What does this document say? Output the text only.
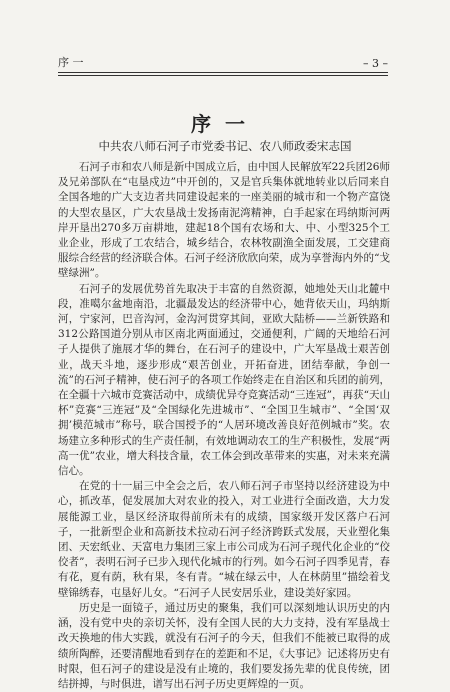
序 一	– 3 –
序一
中共农八师石河子市党委书记、农八师政委宋志国

石河子市和农八师是新中国成立后，由中国人民解放军22兵团26师及兄弟部队在“屯垦戍边”中开创的，又是官兵集体就地转业以后同来自全国各地的广大支边者共同建设起来的一座美丽的城市和一个物产富饶的大型农垦区，广大农垦战士发扬南泥湾精神，白手起家在玛纳斯河两岸开垦出270多万亩耕地，建起18个国有农场和大、中、小型325个工业企业，形成了工农结合，城乡结合，农林牧副渔全面发展，工交建商服综合经营的经济联合体。石河子经济欣欣向荣，成为享誉海内外的“戈壁绿洲”。

石河子的发展优势首先取决于丰富的自然资源，她地处天山北麓中段，准噶尔盆地南沿，北疆最发达的经济带中心，她背依天山，玛纳斯河，宁家河，巴音沟河，金沟河贯穿其间，亚欧大陆桥——兰新铁路和312公路国道分别从市区南北两面通过，交通便利，广阔的天地给石河子人提供了施展才华的舞台，在石河子的建设中，广大军垦战士艰苦创业，战天斗地，逐步形成“艰苦创业，开拓奋进，团结奉献，争创一流”的石河子精神，使石河子的各项工作始终走在自治区和兵团的前列，在全疆十六城市竞赛活动中，成绩优异夺竞赛活动“三连冠”，再获“天山杯”竞赛“三连冠”及“全国绿化先进城市”、“全国卫生城市”、“全国‘双拥’模范城市”称号，联合国授予的“人居环境改善良好范例城市”奖。农场建立多种形式的生产责任制，有效地调动农工的生产积极性，发展“两高一优”农业，增大科技含量，农工体会到改革带来的实惠，对未来充满信心。

在党的十一届三中全会之后，农八师石河子市坚持以经济建设为中心，抓改革，促发展加大对农业的投入，对工业进行全面改造，大力发展能源工业，垦区经济取得前所未有的成绩，国家级开发区落户石河子，一批新型企业和高新技术拉动石河子经济跨跃式发展，天业塑化集团、天宏纸业、天富电力集团三家上市公司成为石河子现代化企业的“佼佼者”，表明石河子已步入现代化城市的行列。如今石河子四季见青，春有花，夏有荫，秋有果，冬有青。“城在绿云中，人在林荫里”描绘着戈壁锦绣春，屯垦好儿女。“石河子人民安居乐业，建设美好家园。

历史是一面镜子，通过历史的聚集，我们可以深刻地认识历史的内涵，没有党中央的亲切关怀，没有全国人民的大力支持，没有军垦战士改天换地的伟大实践，就没有石河子的今天，但我们不能被已取得的成绩所陶醉，还要清醒地看到存在的差距和不足，《大事记》记述将历史有时限，但石河子的建设是没有止境的，我们要发扬先辈的优良传统，团结拼搏，与时俱进，谱写出石河子历史更辉煌的一页。
